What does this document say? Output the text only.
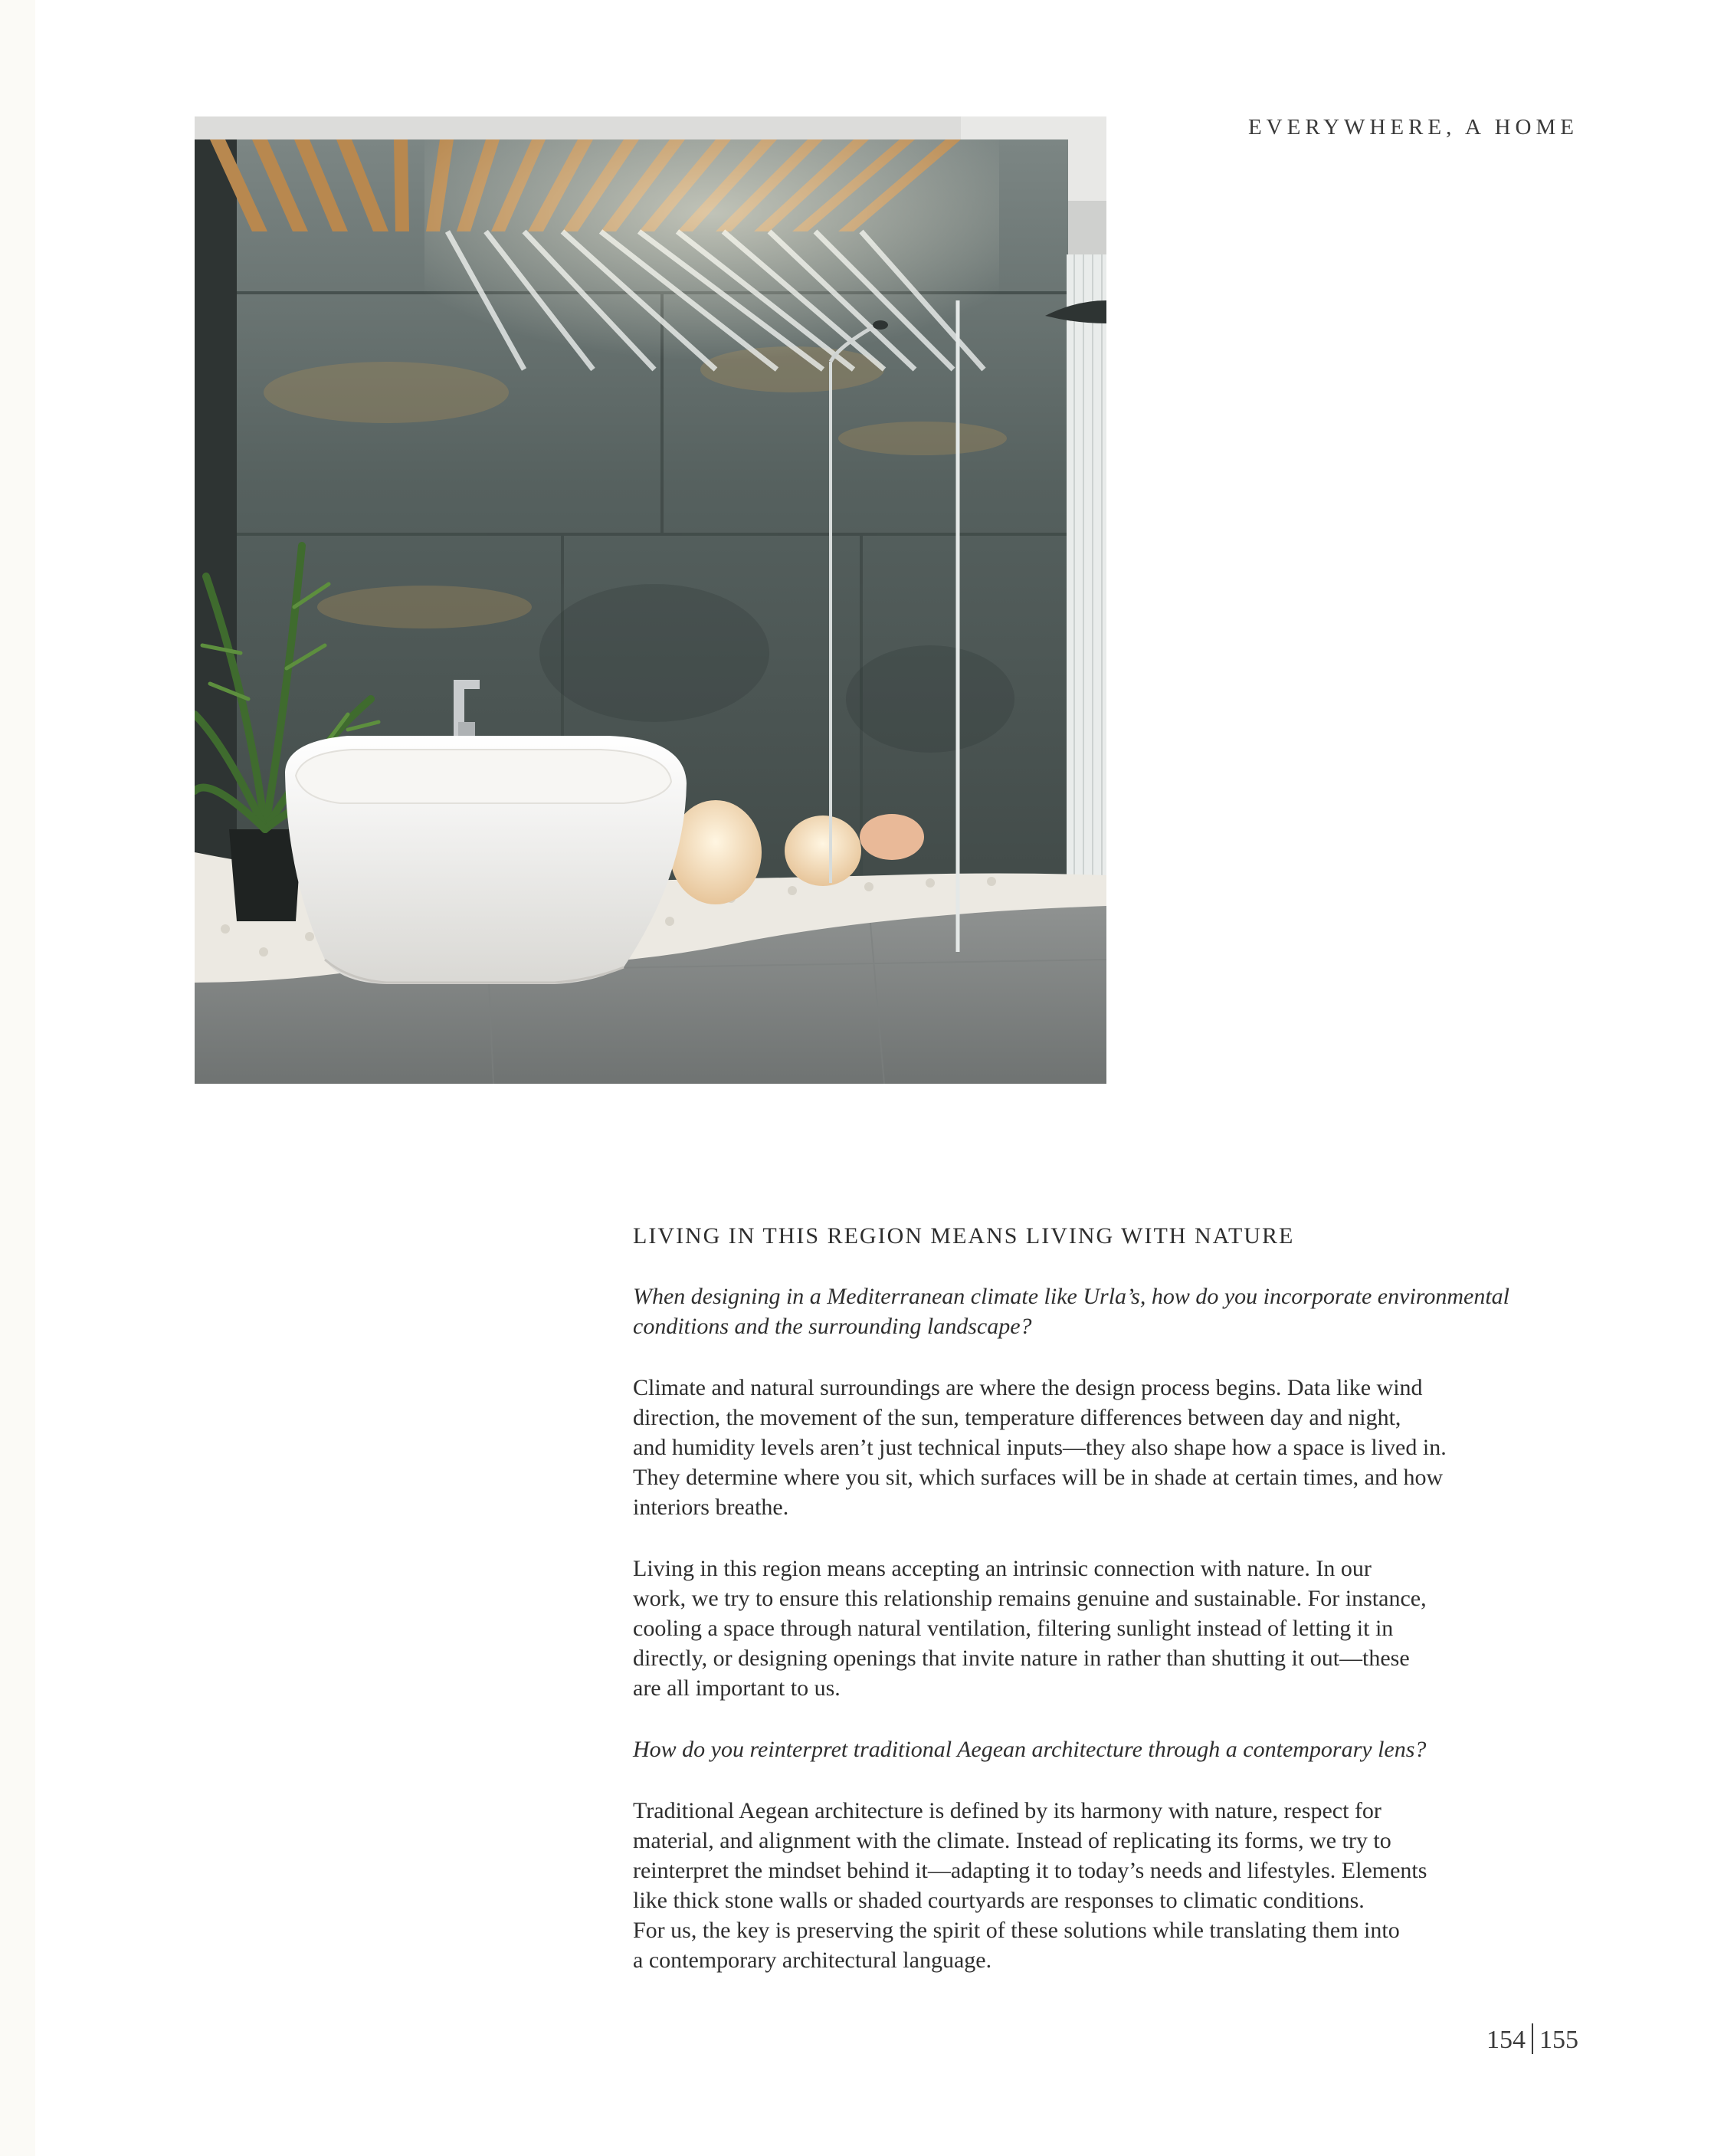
EVERYWHERE, A HOME
LIVING IN THIS REGION MEANS LIVING WITH NATURE
When designing in a Mediterranean climate like Urla’s, how do you incorporate environmental
conditions and the surrounding landscape?
Climate and natural surroundings are where the design process begins. Data like wind
direction, the movement of the sun, temperature differences between day and night,
and humidity levels aren’t just technical inputs—they also shape how a space is lived in.
They determine where you sit, which surfaces will be in shade at certain times, and how
interiors breathe.
Living in this region means accepting an intrinsic connection with nature. In our
work, we try to ensure this relationship remains genuine and sustainable. For instance,
cooling a space through natural ventilation, filtering sunlight instead of letting it in
directly, or designing openings that invite nature in rather than shutting it out—these
are all important to us.
How do you reinterpret traditional Aegean architecture through a contemporary lens?
Traditional Aegean architecture is defined by its harmony with nature, respect for
material, and alignment with the climate. Instead of replicating its forms, we try to
reinterpret the mindset behind it—adapting it to today’s needs and lifestyles. Elements
like thick stone walls or shaded courtyards are responses to climatic conditions.
For us, the key is preserving the spirit of these solutions while translating them into
a contemporary architectural language.
154 155
